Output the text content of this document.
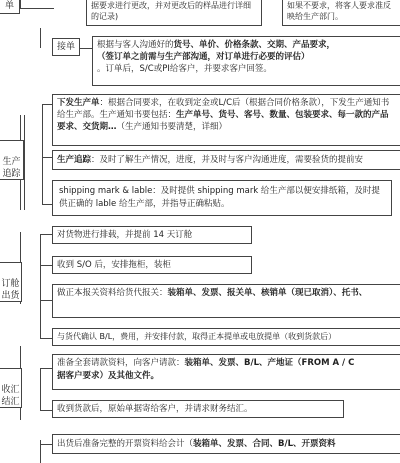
单

生产
追踪

订舱
出货

收汇
结汇

据要求进行更改，并对更改后的样品进行详细的记录)
如果不要求，将客人要求准反映给生产部门。
接单	根据与客人沟通好的货号、单价、价格条款、交期、产品要求，
（签订单之前需与生产部沟通，对订单进行必要的评估）
。订单后，S/C或PI给客户，并要求客户回签。
下发生产单：根据合同要求，在收到定金或L/C后（根据合同价格条款），下发生产通知书给生产部。生产通知书要包括：生产单号、货号、客号、数量、包装要求、每一款的产品要求、交货期…（生产通知书要清楚，详细）
生产追踪：及时了解生产情况，进度，并及时与客户沟通进度，需要验货的提前安
shipping mark & lable：及时提供 shipping mark 给生产部以便安排纸箱，及时提供正确的 lable 给生产部，并指导正确粘贴。
对货物进行排载，并提前 14 天订舱
收到 S/O 后，安排拖柜，装柜
做正本报关资料给货代报关：装箱单、发票、报关单、核销单（现已取消）、托书、
与货代确认 B/L，费用，并安排付款，取得正本提单或电放提单（收到货款后）
准备全套请款资料，向客户请款：装箱单、发票、B/L、产地证（FROM A / C
据客户要求）及其他文件。
收到货款后，原始单据寄给客户，并请求财务结汇。
出货后准备完整的开票资料给会计（装箱单、发票、合同、B/L、开票资料
